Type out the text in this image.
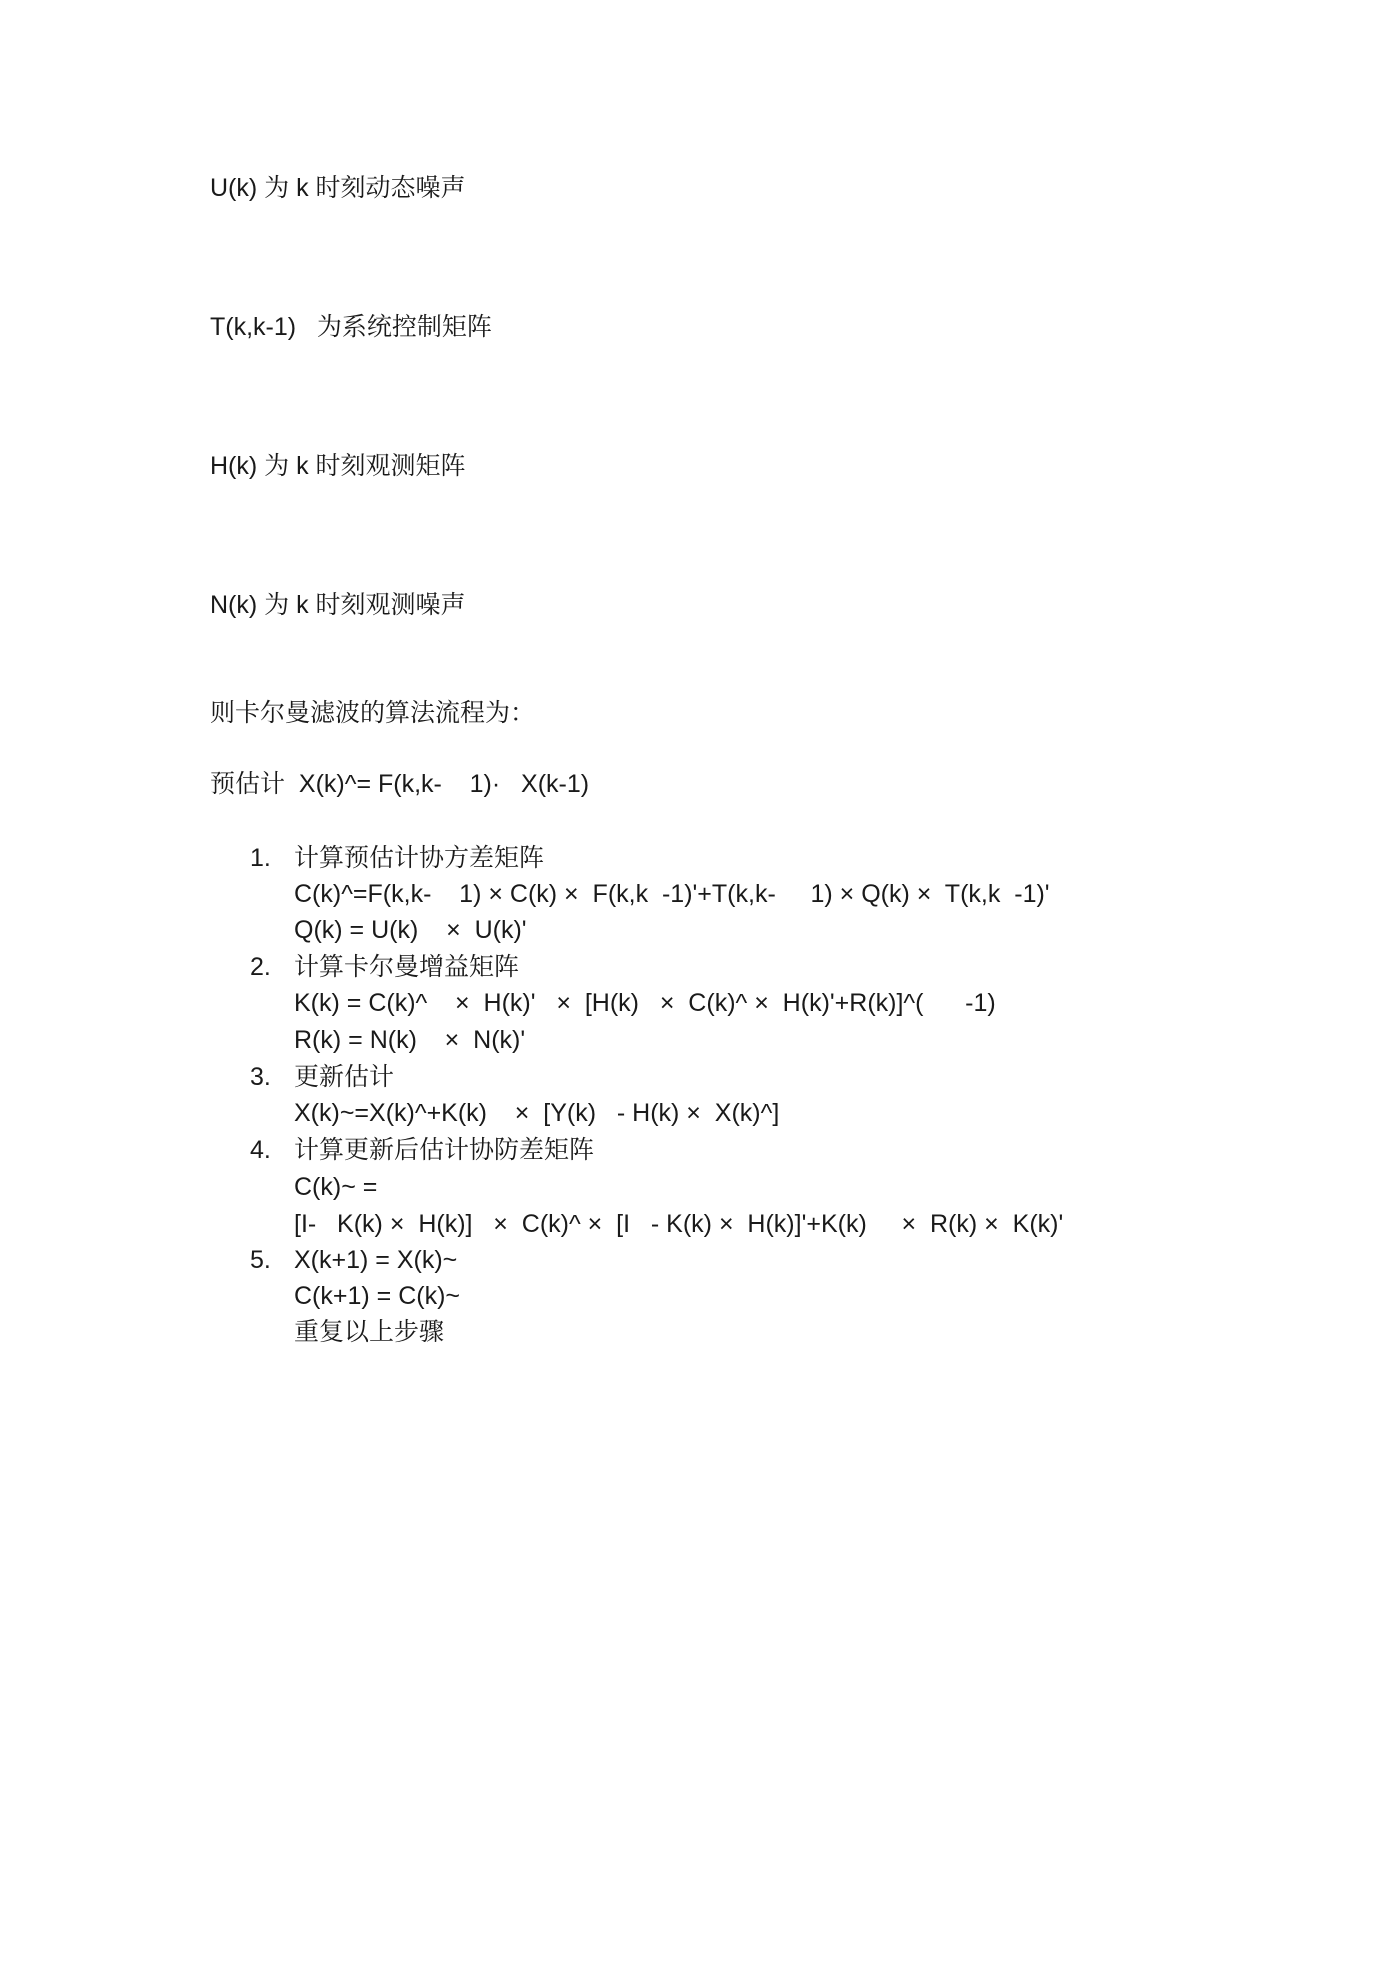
U(k) 为 k 时刻动态噪声
T(k,k-1)   为系统控制矩阵
H(k) 为 k 时刻观测矩阵
N(k) 为 k 时刻观测噪声
则卡尔曼滤波的算法流程为：
预估计  X(k)^= F(k,k-    1)·   X(k-1)
1. 计算预估计协方差矩阵
C(k)^=F(k,k-    1) × C(k) ×  F(k,k  -1)'+T(k,k-     1) × Q(k) ×  T(k,k  -1)'
Q(k) = U(k)    ×  U(k)'
2. 计算卡尔曼增益矩阵
K(k) = C(k)^    ×  H(k)'   ×  [H(k)   ×  C(k)^ ×  H(k)'+R(k)]^(      -1)
R(k) = N(k)    ×  N(k)'
3. 更新估计
X(k)~=X(k)^+K(k)    ×  [Y(k)   - H(k) ×  X(k)^]
4. 计算更新后估计协防差矩阵
C(k)~ =
[I-   K(k) ×  H(k)]   ×  C(k)^ ×  [I   - K(k) ×  H(k)]'+K(k)     ×  R(k) ×  K(k)'
5. X(k+1) = X(k)~
C(k+1) = C(k)~
重复以上步骤
